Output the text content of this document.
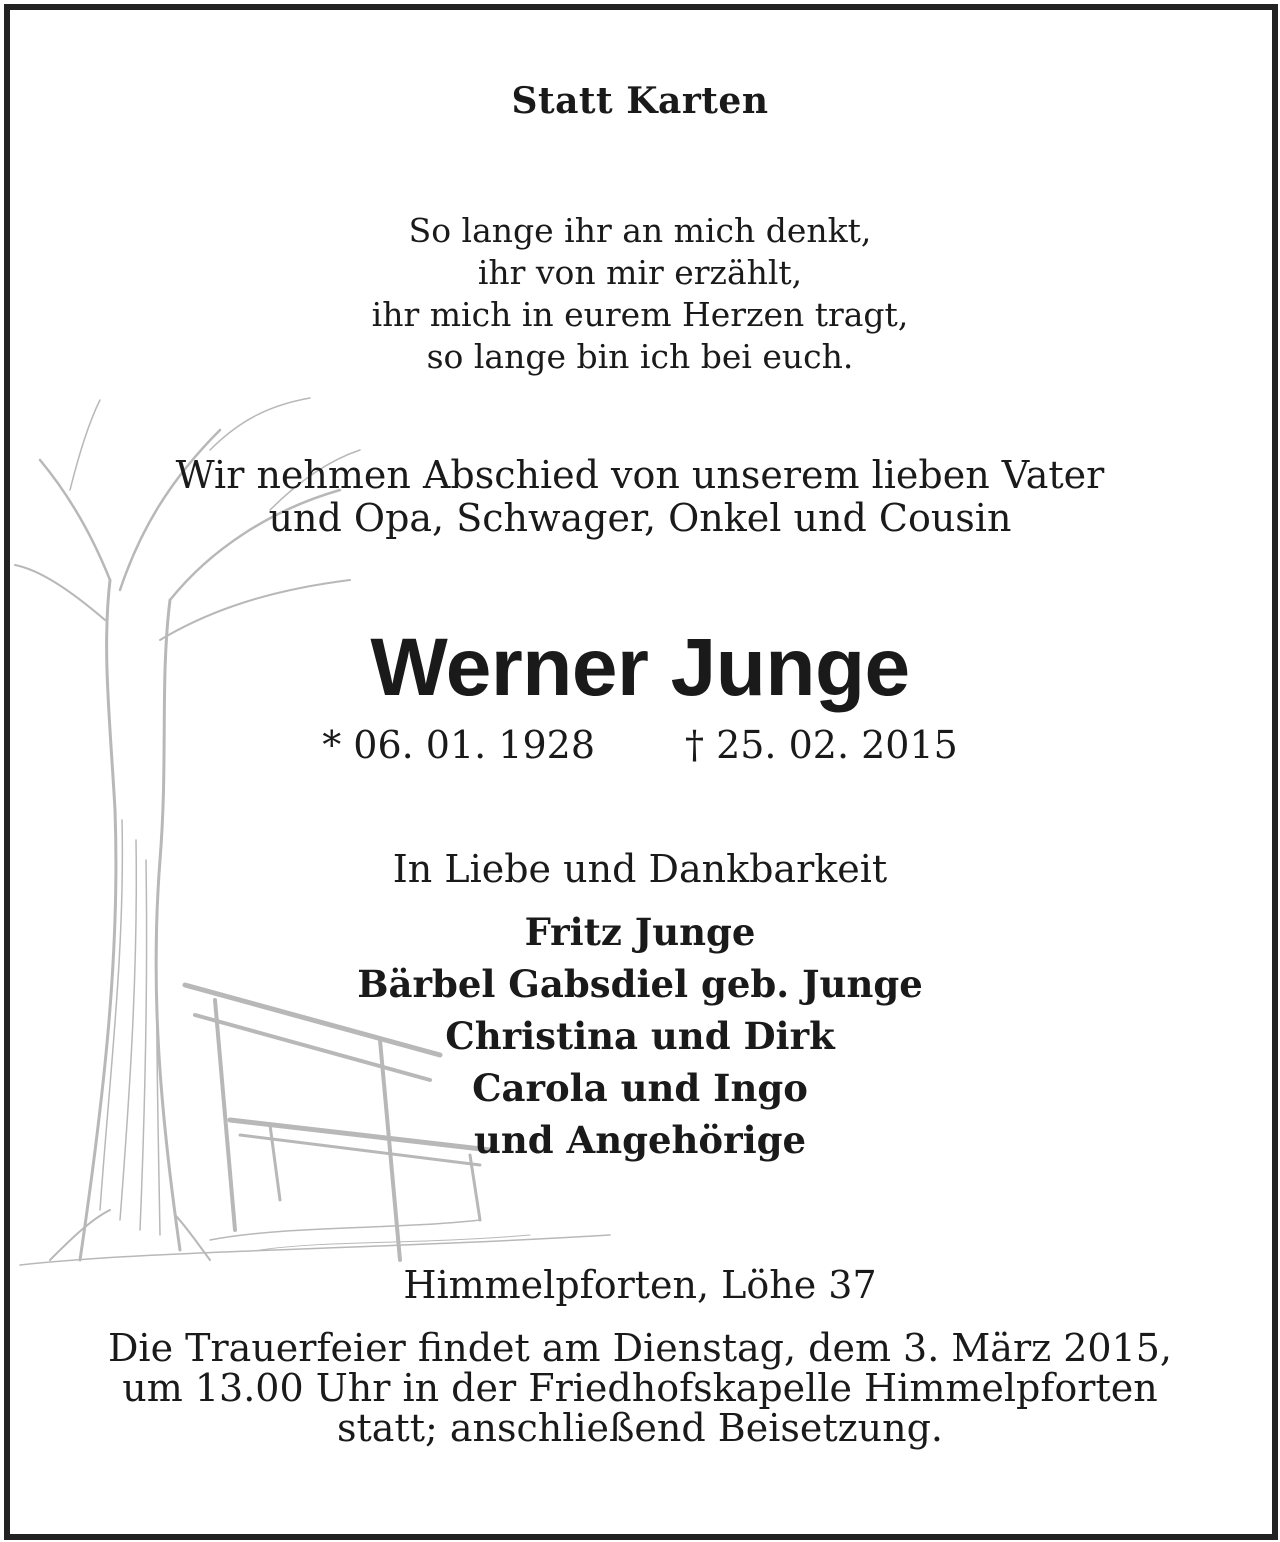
Statt Karten
So lange ihr an mich denkt,
ihr von mir erzählt,
ihr mich in eurem Herzen tragt,
so lange bin ich bei euch.
Wir nehmen Abschied von unserem lieben Vater
und Opa, Schwager, Onkel und Cousin
Werner Junge
* 06. 01. 1928 † 25. 02. 2015
In Liebe und Dankbarkeit
Fritz Junge
Bärbel Gabsdiel geb. Junge
Christina und Dirk
Carola und Ingo
und Angehörige
Himmelpforten, Löhe 37
Die Trauerfeier findet am Dienstag, dem 3. März 2015,
um 13.00 Uhr in der Friedhofskapelle Himmelpforten
statt; anschließend Beisetzung.
